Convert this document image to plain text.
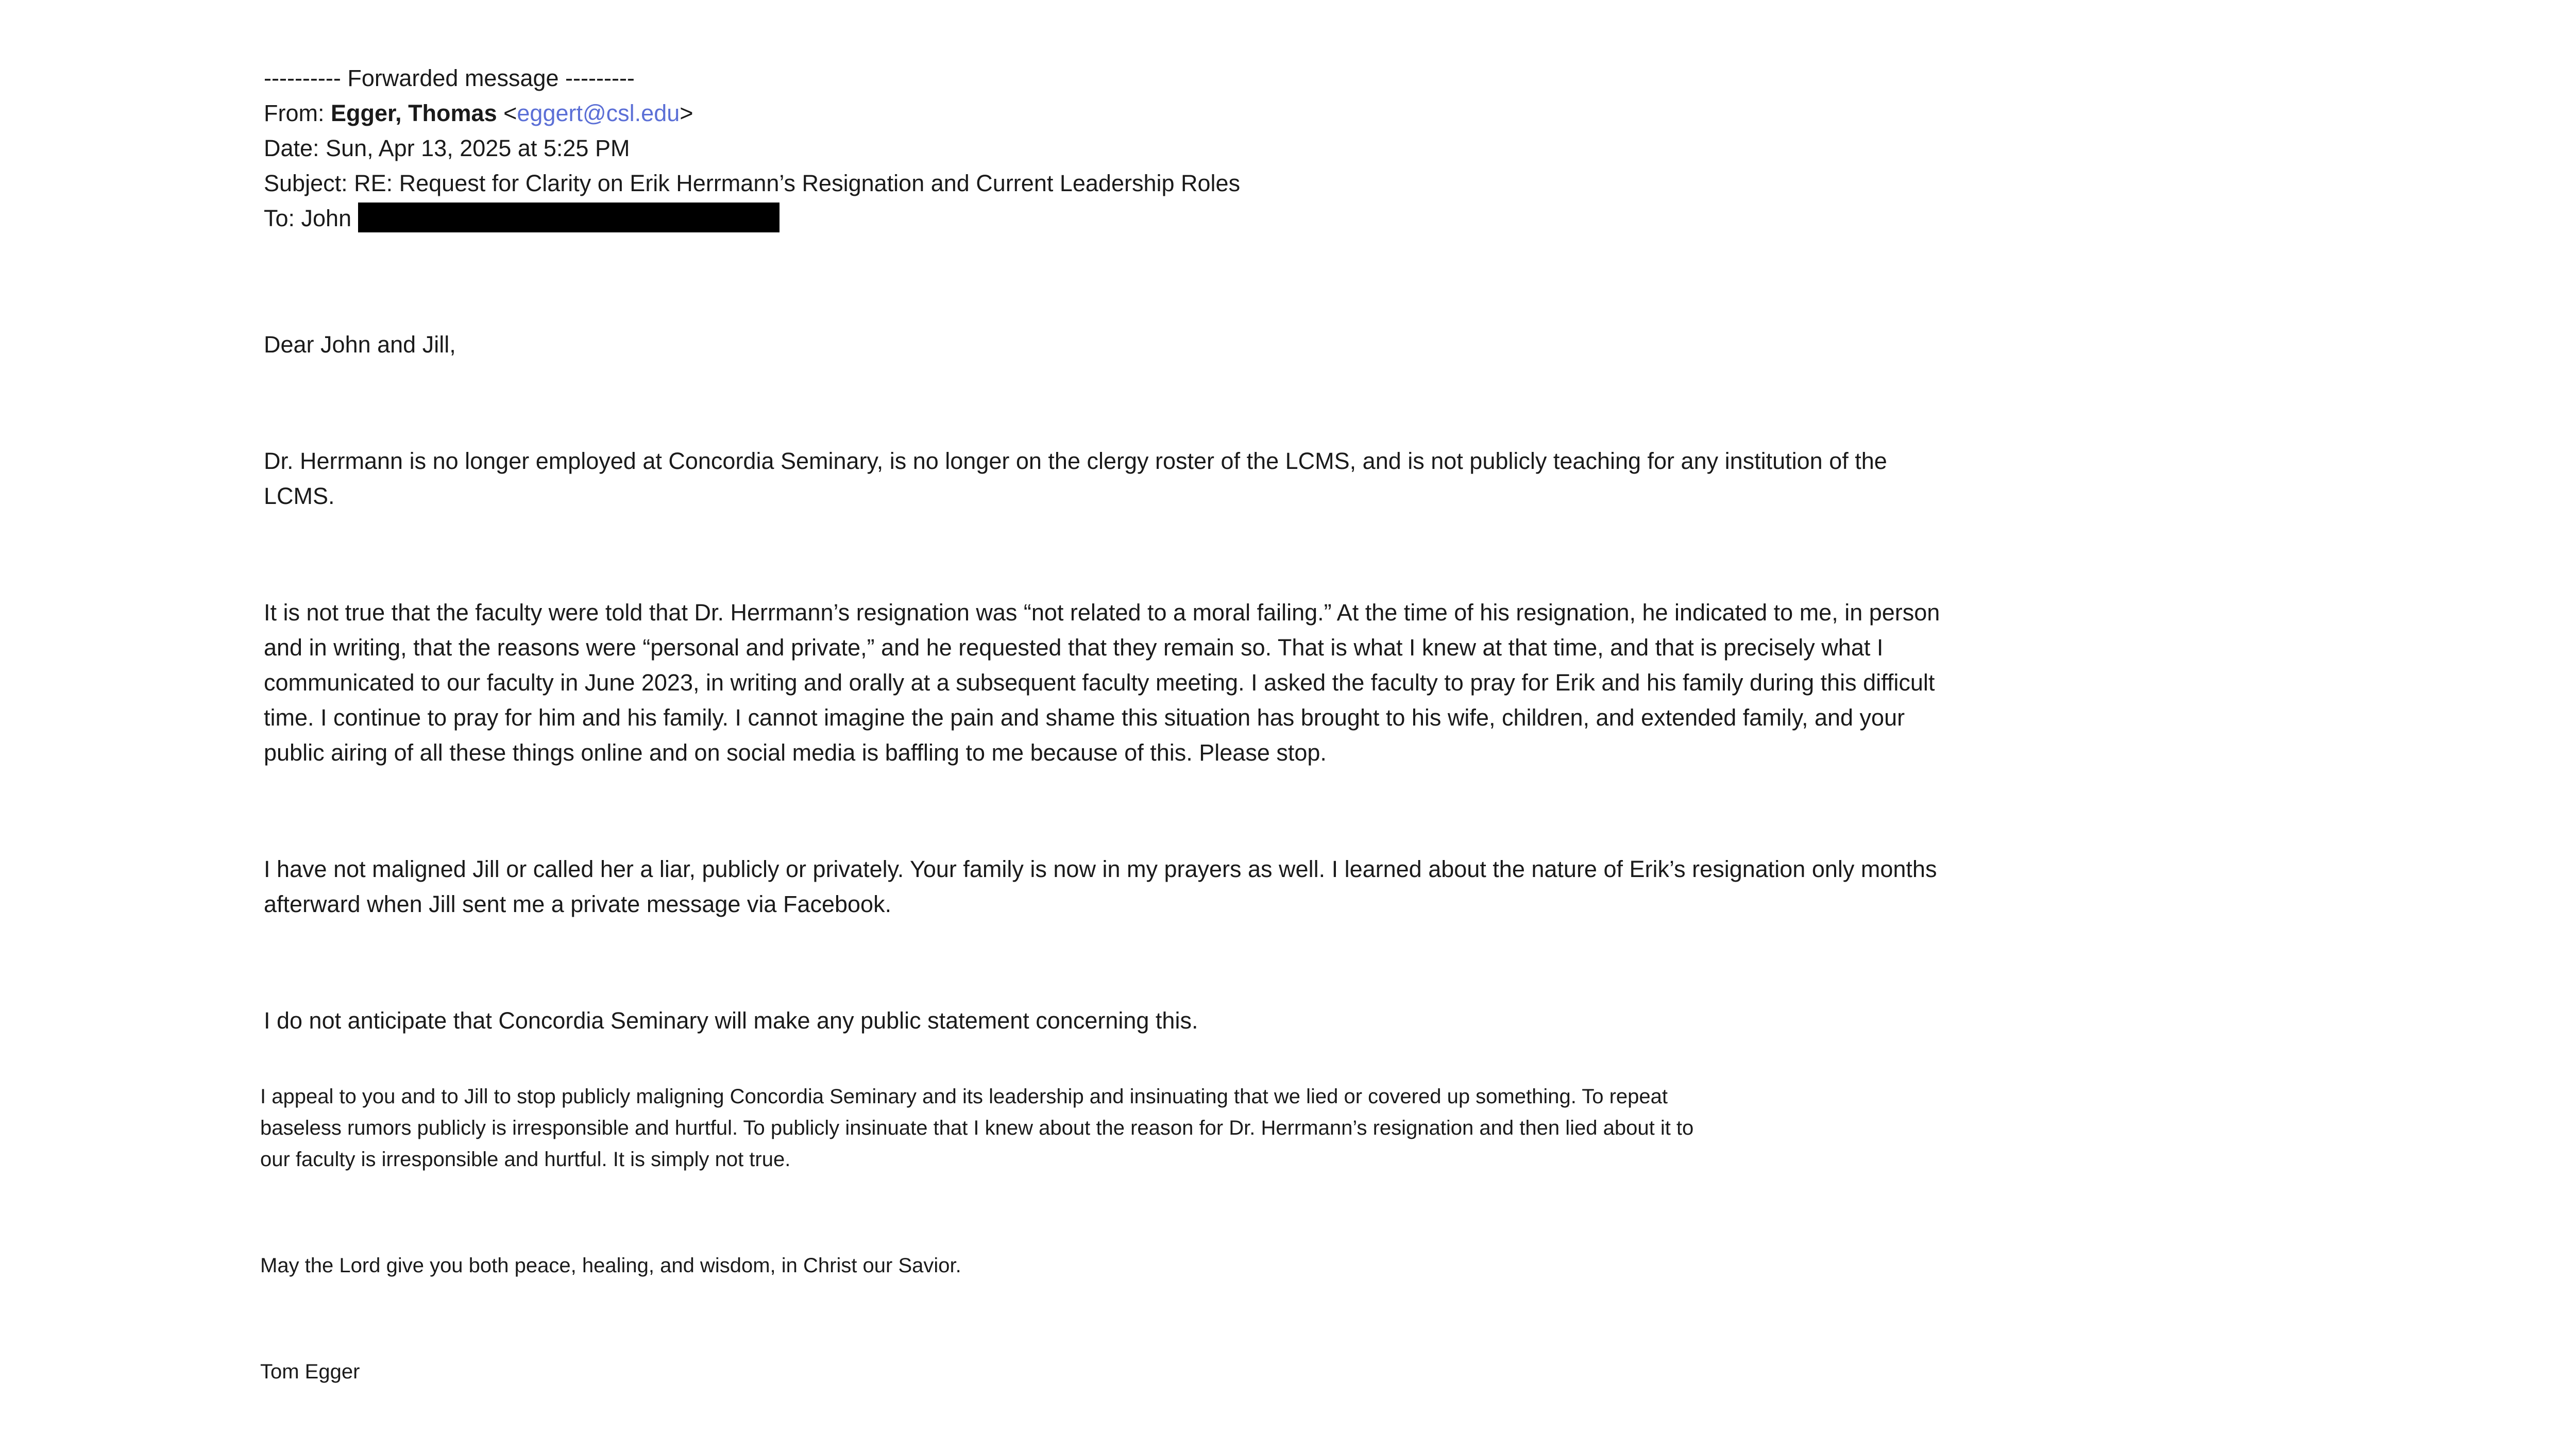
---------- Forwarded message ---------
From: Egger, Thomas <eggert@csl.edu>
Date: Sun, Apr 13, 2025 at 5:25 PM
Subject: RE: Request for Clarity on Erik Herrmann’s Resignation and Current Leadership Roles
To: John

Dear John and Jill,

Dr. Herrmann is no longer employed at Concordia Seminary, is no longer on the clergy roster of the LCMS, and is not publicly teaching for any institution of the LCMS.

It is not true that the faculty were told that Dr. Herrmann’s resignation was “not related to a moral failing.” At the time of his resignation, he indicated to me, in person and in writing, that the reasons were “personal and private,” and he requested that they remain so. That is what I knew at that time, and that is precisely what I communicated to our faculty in June 2023, in writing and orally at a subsequent faculty meeting. I asked the faculty to pray for Erik and his family during this difficult time. I continue to pray for him and his family. I cannot imagine the pain and shame this situation has brought to his wife, children, and extended family, and your public airing of all these things online and on social media is baffling to me because of this. Please stop.

I have not maligned Jill or called her a liar, publicly or privately. Your family is now in my prayers as well. I learned about the nature of Erik’s resignation only months afterward when Jill sent me a private message via Facebook.

I do not anticipate that Concordia Seminary will make any public statement concerning this.

I appeal to you and to Jill to stop publicly maligning Concordia Seminary and its leadership and insinuating that we lied or covered up something. To repeat
baseless rumors publicly is irresponsible and hurtful. To publicly insinuate that I knew about the reason for Dr. Herrmann’s resignation and then lied about it to
our faculty is irresponsible and hurtful. It is simply not true.

May the Lord give you both peace, healing, and wisdom, in Christ our Savior.

Tom Egger
